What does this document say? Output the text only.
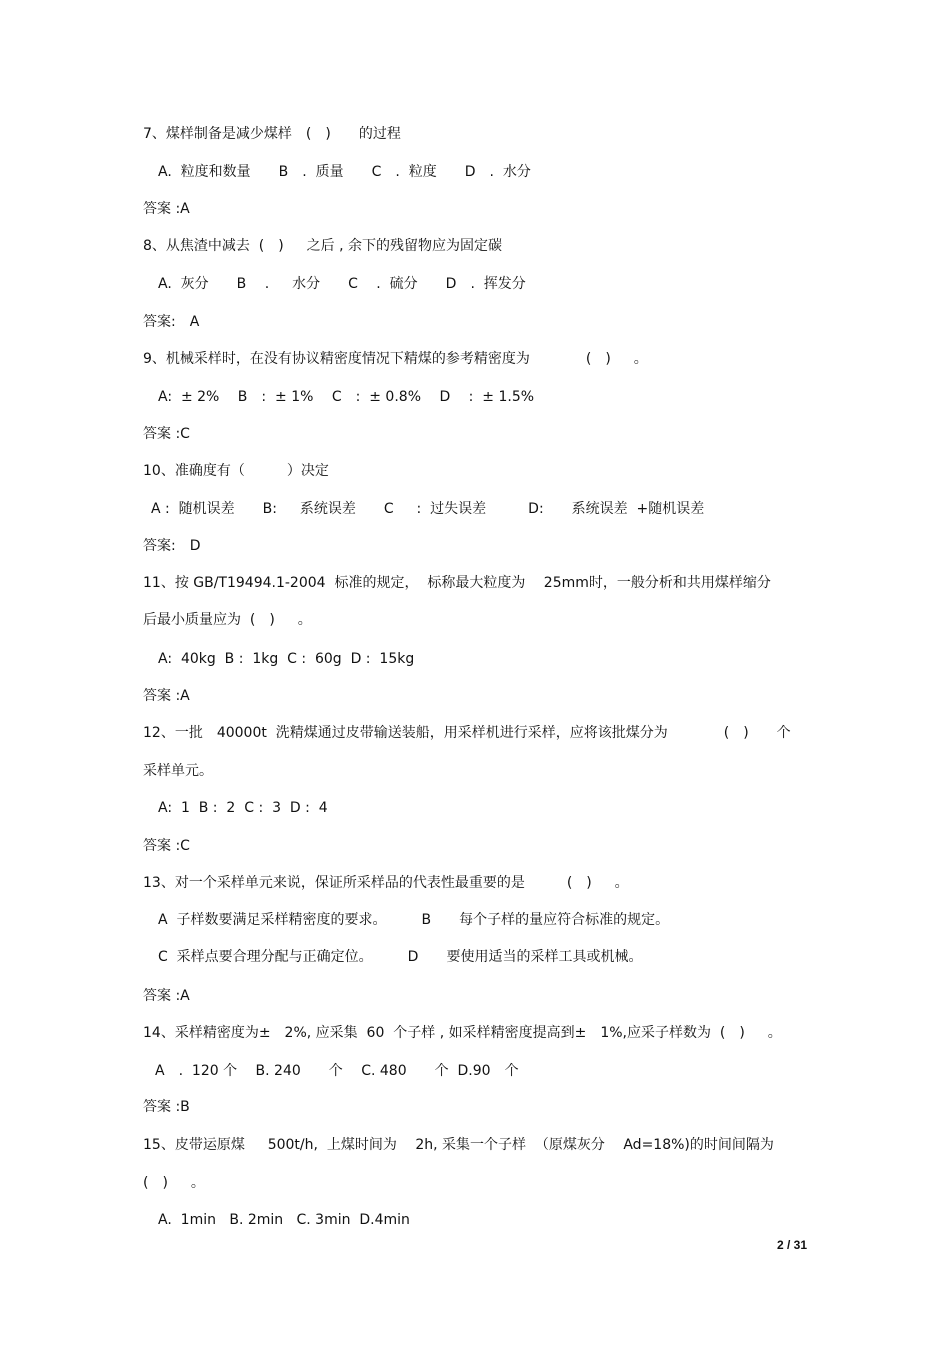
7、煤样制备是减少煤样　(　)　　的过程
A.  粒度和数量　　B　.  质量　　C　.  粒度　　D　.  水分
答案 :A
8、从焦渣中减去  (　)　  之后 , 余下的残留物应为固定碳
A.  灰分　　B　 .　  水分　　C　 .  硫分　　D　.  挥发分
答案:　A
9、机械采样时，在没有协议精密度情况下精煤的参考精密度为　　　　(　)　  。
A:  ± 2%　 B　:  ± 1%　 C　:  ± 0.8%　 D　 :  ± 1.5%
答案 :C
10、准确度有（　　　）决定
A :  随机误差　　B:　  系统误差　　C　  :  过失误差　　　D:　　系统误差  +随机误差
答案:　D
11、按 GB/T19494.1-2004  标准的规定，  标称最大粒度为　 25mm时，一般分析和共用煤样缩分
后最小质量应为  (　)　  。
A:  40kg  B :  1kg  C :  60g  D :  15kg
答案 :A
12、一批　40000t  洗精煤通过皮带输送装船，用采样机进行采样，应将该批煤分为　　　　(　)　　个
采样单元。
A:  1  B :  2  C :  3  D :  4
答案 :C
13、对一个采样单元来说，保证所采样品的代表性最重要的是　　　(　)　  。
A  子样数要满足采样精密度的要求。　　　B　　每个子样的量应符合标准的规定。
C  采样点要合理分配与正确定位。　　　D　　要使用适当的采样工具或机械。
答案 :A
14、采样精密度为±　2%, 应采集  60  个子样 , 如采样精密度提高到±　1%,应采子样数为  (　)　  。
A　.  120 个　 B. 240　　个　 C. 480　　个  D.90　个
答案 :B
15、皮带运原煤　  500t/h,  上煤时间为　 2h, 采集一个子样  （原煤灰分　 Ad=18%)的时间间隔为
(　)　  。
A.  1min   B. 2min   C. 3min  D.4min
2 / 31
